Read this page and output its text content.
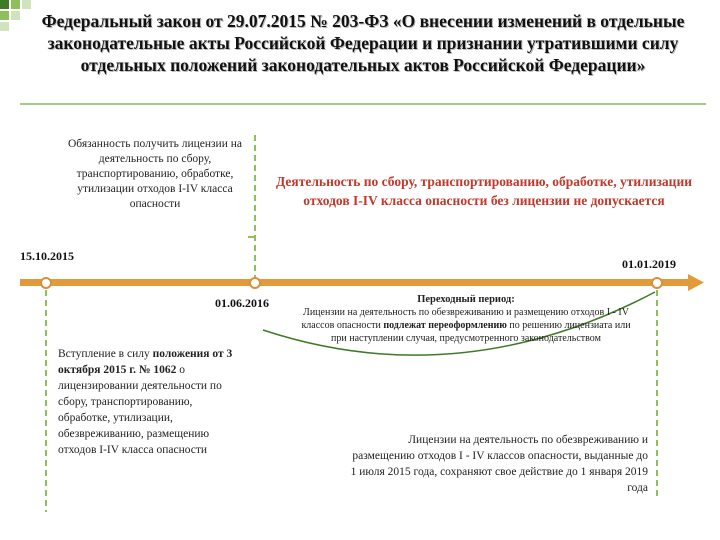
Федеральный закон от 29.07.2015 № 203-ФЗ «О внесении изменений в отдельные законодательные акты Российской Федерации и признании утратившими силу отдельных положений законодательных актов Российской Федерации»
Обязанность получить лицензии на деятельность по сбору, транспортированию, обработке, утилизации отходов I-IV класса опасности
Деятельность по сбору, транспортированию, обработке, утилизации отходов I-IV класса опасности без лицензии не допускается
15.10.2015
01.01.2019
01.06.2016
Вступление в силу положения от 3 октября 2015 г. № 1062 о лицензировании деятельности по сбору, транспортированию, обработке, утилизации, обезвреживанию, размещению отходов I-IV класса опасности
Переходный период:
Лицензии на деятельность по обезвреживанию и размещению отходов I - IV классов опасности подлежат переоформлению по решению лицензиата или при наступлении случая, предусмотренного законодательством
Лицензии на деятельность по обезвреживанию и размещению отходов I - IV классов опасности, выданные до 1 июля 2015 года, сохраняют свое действие до 1 января 2019 года
